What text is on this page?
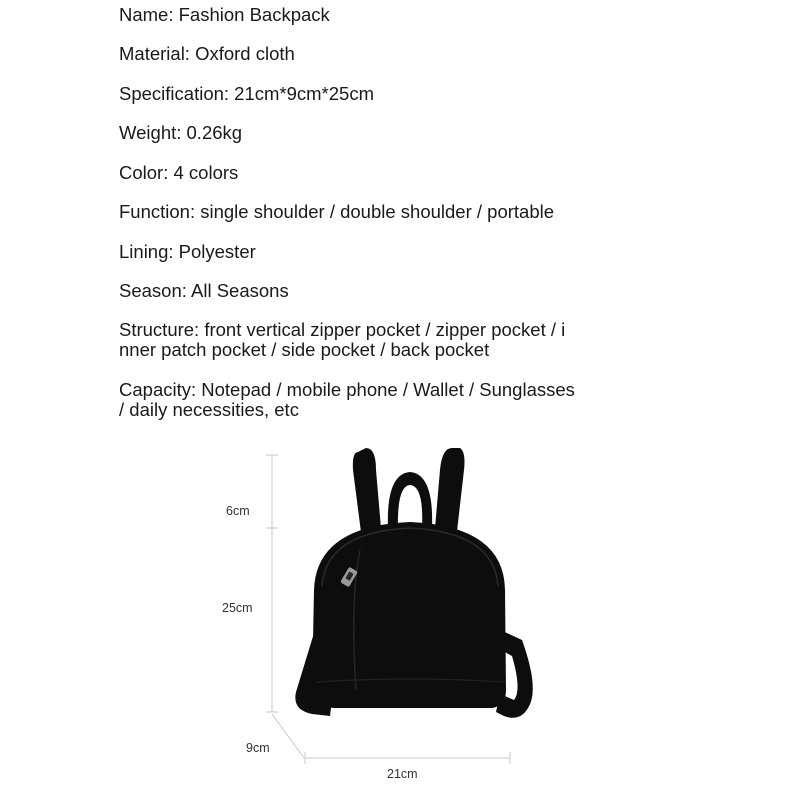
Name: Fashion Backpack
Material: Oxford cloth
Specification: 21cm*9cm*25cm
Weight: 0.26kg
Color: 4 colors
Function: single shoulder / double shoulder / portable
Lining: Polyester
Season: All Seasons
Structure: front vertical zipper pocket / zipper pocket / i
nner patch pocket / side pocket / back pocket
Capacity: Notepad / mobile phone / Wallet / Sunglasses
/ daily necessities, etc
6cm
25cm
9cm
21cm
